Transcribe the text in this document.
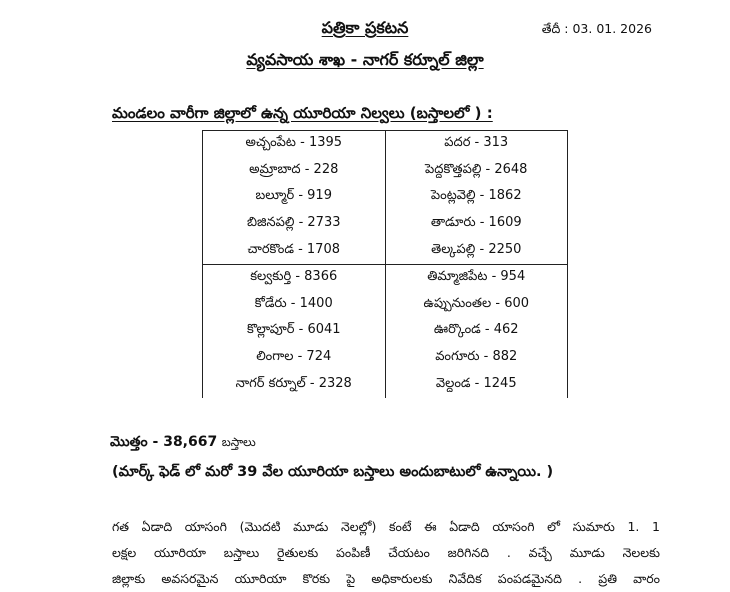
పత్రికా ప్రకటన	తేదీ : 03. 01. 2026
వ్యవసాయ శాఖ - నాగర్ కర్నూల్ జిల్లా
మండలం వారీగా జిల్లాలో ఉన్న యూరియా నిల్వలు (బస్తాలలో ) :
అచ్చంపేట - 1395	పదర - 313
అమ్రాబాద - 228	పెద్దకొత్తపల్లి - 2648
బల్మూర్ - 919	పెంట్లవెల్లి - 1862
బిజినపల్లి - 2733	తాడూరు - 1609
చారకొండ - 1708	తెల్కపల్లి - 2250
కల్వకుర్తి - 8366	తిమ్మాజిపేట - 954
కోడేరు - 1400	ఉప్పునుంతల - 600
కొల్లాపూర్ - 6041	ఊర్కొండ - 462
లింగాల - 724	వంగూరు - 882
నాగర్ కర్నూల్ - 2328	వెల్దండ - 1245
మొత్తం - 38,667 బస్తాలు
(మార్క్ ఫెడ్ లో మరో 39 వేల యూరియా బస్తాలు అందుబాటులో ఉన్నాయి. )

గత ఏడాది యాసంగి (మొదటి మూడు నెలల్లో) కంటే ఈ ఏడాది యాసంగి లో సుమారు 1. 1

లక్షల యూరియా బస్తాలు రైతులకు పంపిణీ చేయటం జరిగినది . వచ్చే మూడు నెలలకు

జిల్లాకు అవసరమైన యూరియా కొరకు పై అధికారులకు నివేదిక పంపడమైనది . ప్రతి వారం
